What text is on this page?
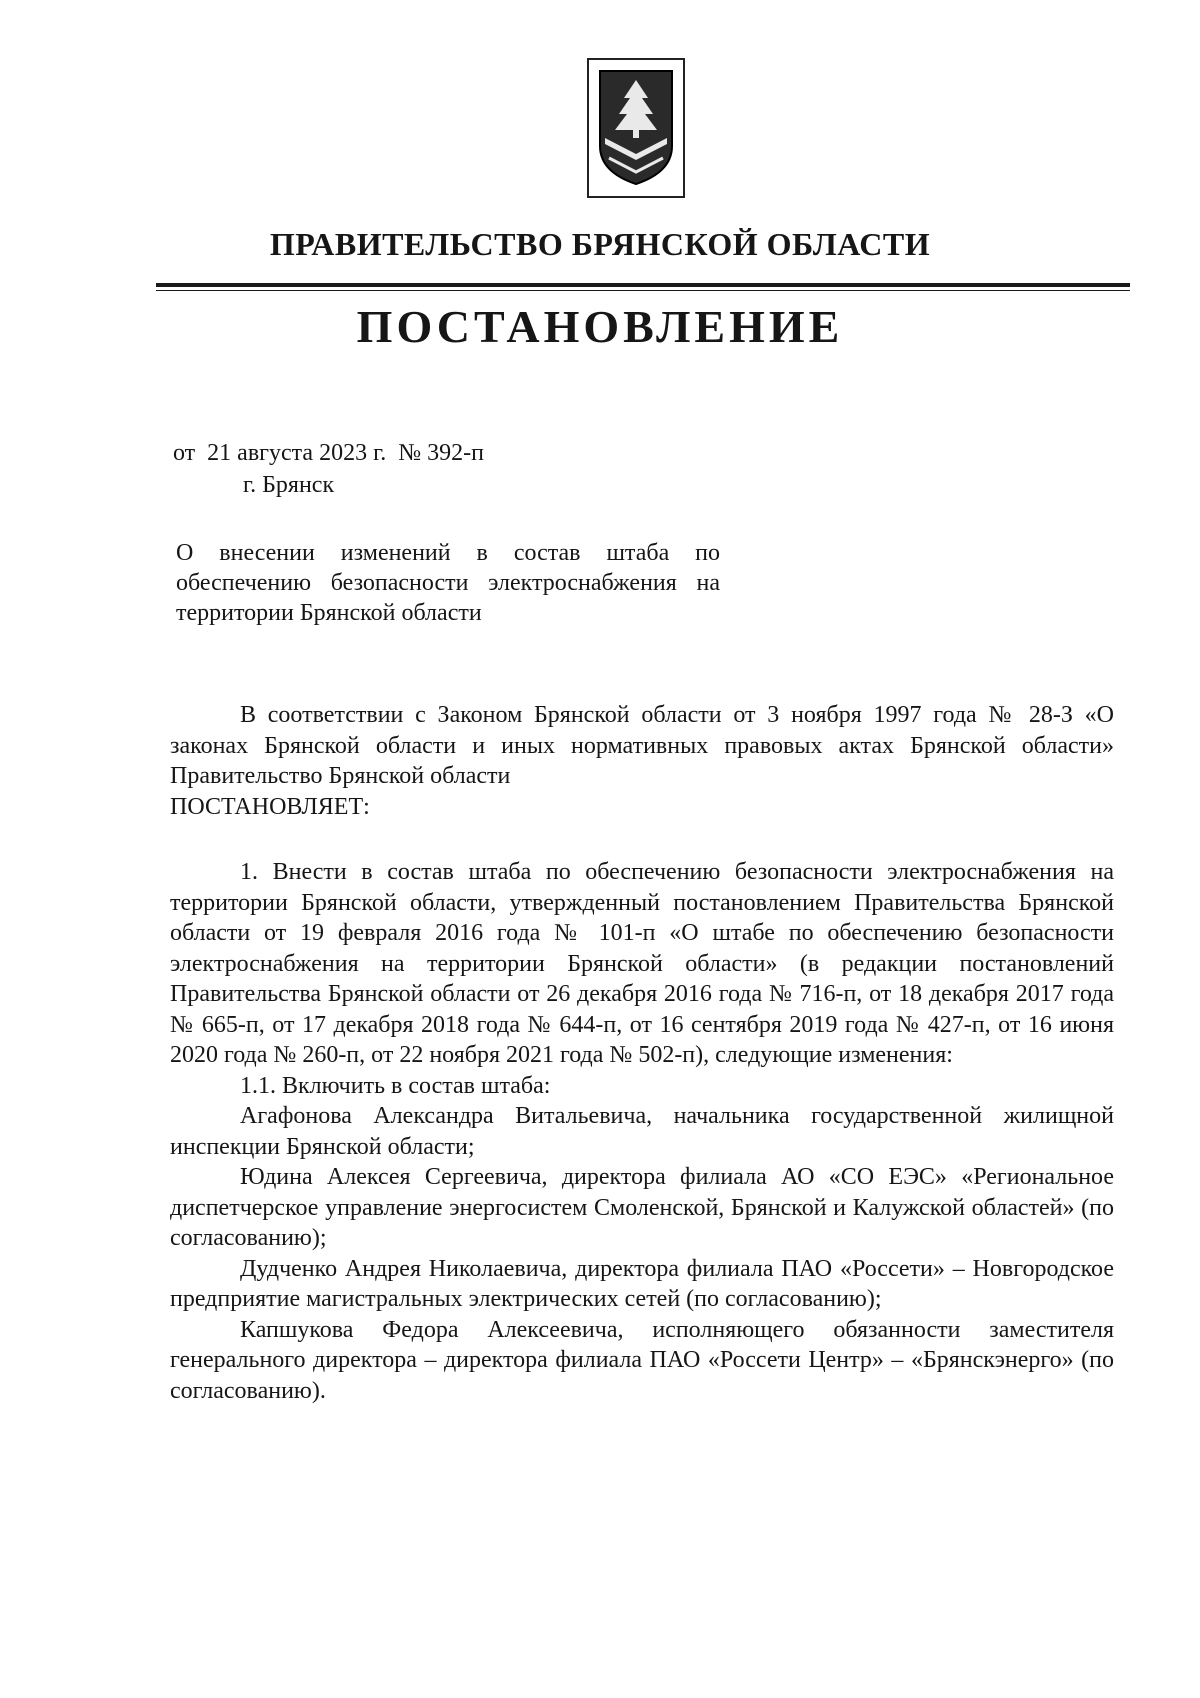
ПРАВИТЕЛЬСТВО БРЯНСКОЙ ОБЛАСТИ
ПОСТАНОВЛЕНИЕ
от  21 августа 2023 г.  № 392-п
г. Брянск

О внесении изменений в состав штаба по обеспечению безопасности электроснабжения на территории Брянской области

В соответствии с Законом Брянской области от 3 ноября 1997 года № 28-З «О законах Брянской области и иных нормативных правовых актах Брянской области» Правительство Брянской области

ПОСТАНОВЛЯЕТ:

1. Внести в состав штаба по обеспечению безопасности электроснабжения на территории Брянской области, утвержденный постановлением Правительства Брянской области от 19 февраля 2016 года № 101-п «О штабе по обеспечению безопасности электроснабжения на территории Брянской области» (в редакции постановлений Правительства Брянской области от 26 декабря 2016 года № 716-п, от 18 декабря 2017 года № 665-п, от 17 декабря 2018 года № 644-п, от 16 сентября 2019 года № 427-п, от 16 июня 2020 года № 260-п, от 22 ноября 2021 года № 502-п), следующие изменения:

1.1. Включить в состав штаба:

Агафонова Александра Витальевича, начальника государственной жилищной инспекции Брянской области;

Юдина Алексея Сергеевича, директора филиала АО «СО ЕЭС» «Региональное диспетчерское управление энергосистем Смоленской, Брянской и Калужской областей» (по согласованию);

Дудченко Андрея Николаевича, директора филиала ПАО «Россети» – Новгородское предприятие магистральных электрических сетей (по согласованию);

Капшукова Федора Алексеевича, исполняющего обязанности заместителя генерального директора – директора филиала ПАО «Россети Центр» – «Брянскэнерго» (по согласованию).
